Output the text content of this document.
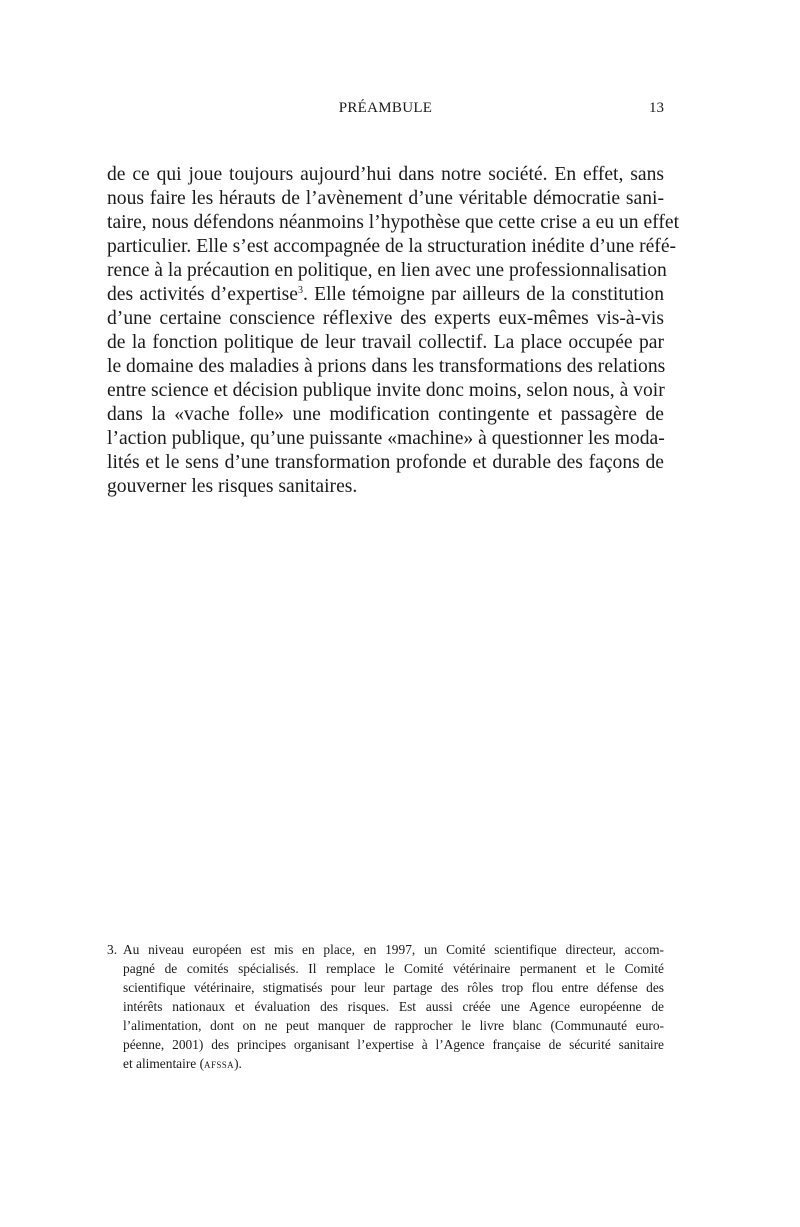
PRÉAMBULE	13
de ce qui joue toujours aujourd’hui dans notre société. En effet, sans
nous faire les hérauts de l’avènement d’une véritable démocratie sani-
taire, nous défendons néanmoins l’hypothèse que cette crise a eu un effet
particulier. Elle s’est accompagnée de la structuration inédite d’une réfé-
rence à la précaution en politique, en lien avec une professionnalisation
des activités d’expertise$^3$. Elle témoigne par ailleurs de la constitution
d’une certaine conscience réflexive des experts eux-mêmes vis-à-vis
de la fonction politique de leur travail collectif. La place occupée par
le domaine des maladies à prions dans les transformations des relations
entre science et décision publique invite donc moins, selon nous, à voir
dans la «vache folle» une modification contingente et passagère de
l’action publique, qu’une puissante «machine» à questionner les moda-
lités et le sens d’une transformation profonde et durable des façons de
gouverner les risques sanitaires.
3. Au niveau européen est mis en place, en 1997, un Comité scientifique directeur, accom-
pagné de comités spécialisés. Il remplace le Comité vétérinaire permanent et le Comité
scientifique vétérinaire, stigmatisés pour leur partage des rôles trop flou entre défense des
intérêts nationaux et évaluation des risques. Est aussi créée une Agence européenne de
l’alimentation, dont on ne peut manquer de rapprocher le livre blanc (Communauté euro-
péenne, 2001) des principes organisant l’expertise à l’Agence française de sécurité sanitaire
et alimentaire (afssa).
